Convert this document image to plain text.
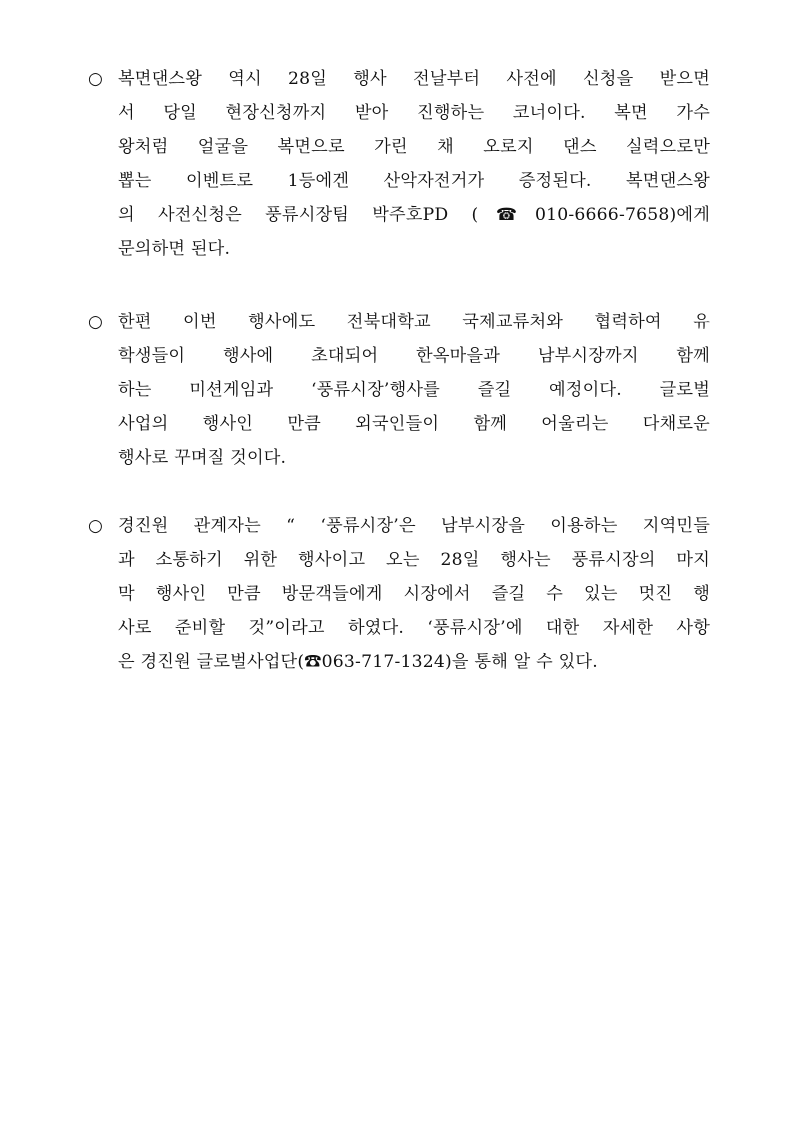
○ 복면댄스왕 역시 28일 행사 전날부터 사전에 신청을 받으면
서 당일 현장신청까지 받아 진행하는 코너이다. 복면 가수
왕처럼 얼굴을 복면으로 가린 채 오로지 댄스 실력으로만
뽑는 이벤트로 1등에겐 산악자전거가 증정된다. 복면댄스왕
의 사전신청은 풍류시장팀 박주호PD (☎010-6666-7658)에게
문의하면 된다.
○ 한편 이번 행사에도 전북대학교 국제교류처와 협력하여 유
학생들이 행사에 초대되어 한옥마을과 남부시장까지 함께
하는 미션게임과 ‘풍류시장’행사를 즐길 예정이다. 글로벌
사업의 행사인 만큼 외국인들이 함께 어울리는 다채로운
행사로 꾸며질 것이다.
○ 경진원 관계자는 “ ‘풍류시장’은 남부시장을 이용하는 지역민들
과 소통하기 위한 행사이고 오는 28일 행사는 풍류시장의 마지
막 행사인 만큼 방문객들에게 시장에서 즐길 수 있는 멋진 행
사로 준비할 것”이라고 하였다. ‘풍류시장’에 대한 자세한 사항
은 경진원 글로벌사업단(☎063-717-1324)을 통해 알 수 있다.
